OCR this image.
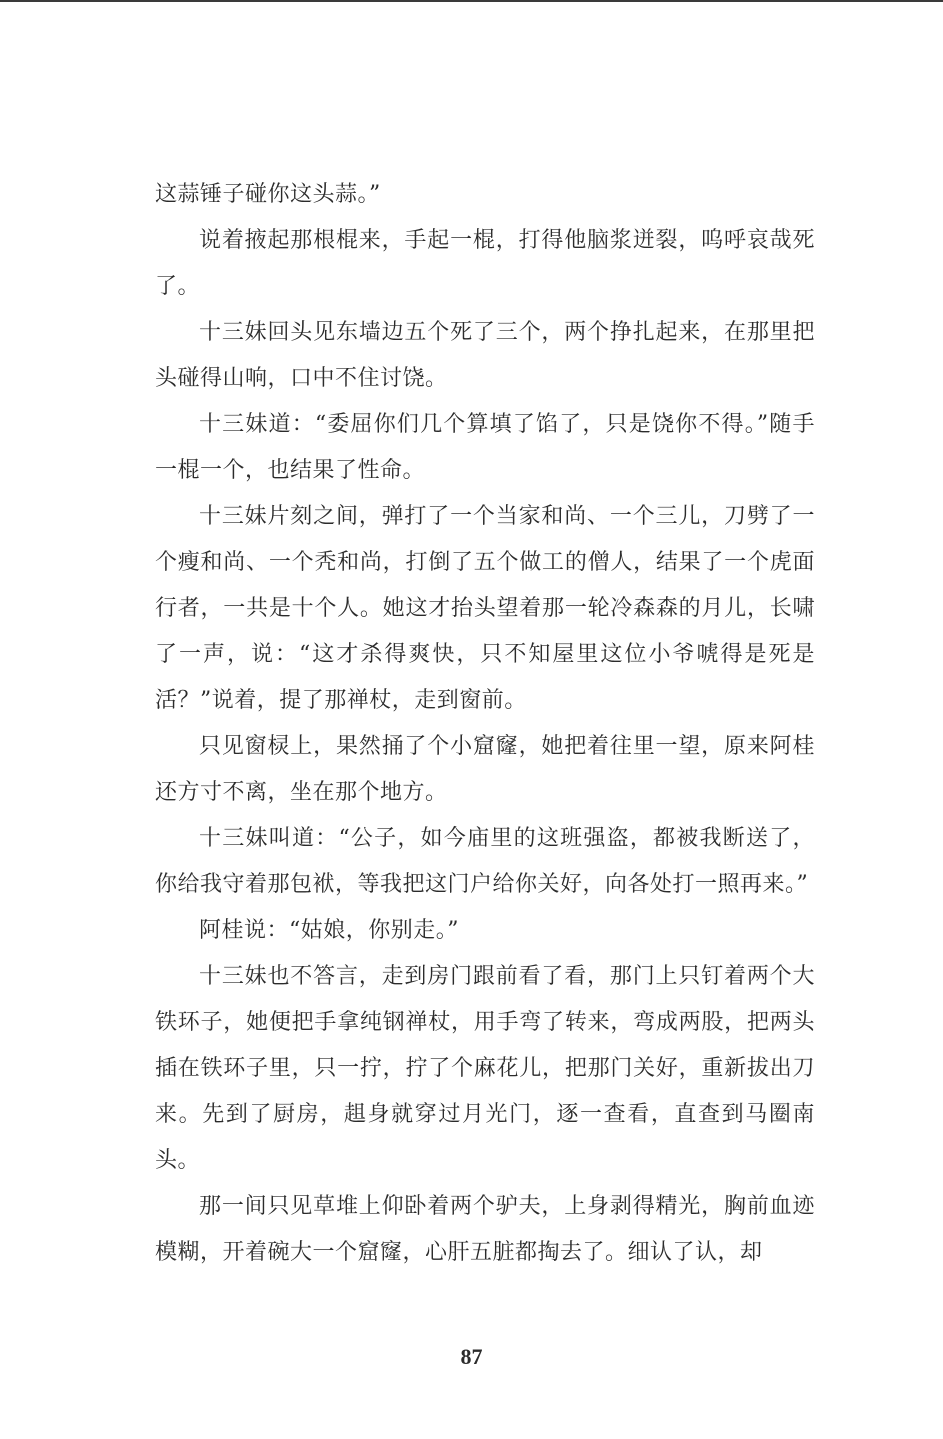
这蒜锤子碰你这头蒜。”

说着掖起那根棍来，手起一棍，打得他脑浆迸裂，呜呼哀哉死了。

十三妹回头见东墙边五个死了三个，两个挣扎起来，在那里把头碰得山响，口中不住讨饶。

十三妹道：“委屈你们几个算填了馅了，只是饶你不得。”随手一棍一个，也结果了性命。

十三妹片刻之间，弹打了一个当家和尚、一个三儿，刀劈了一个瘦和尚、一个秃和尚，打倒了五个做工的僧人，结果了一个虎面行者，一共是十个人。她这才抬头望着那一轮冷森森的月儿，长啸了一声，说：“这才杀得爽快，只不知屋里这位小爷唬得是死是活？”说着，提了那禅杖，走到窗前。

只见窗棂上，果然捅了个小窟窿，她把着往里一望，原来阿桂还方寸不离，坐在那个地方。

十三妹叫道：“公子，如今庙里的这班强盗，都被我断送了，你给我守着那包袱，等我把这门户给你关好，向各处打一照再来。”

阿桂说：“姑娘，你别走。”

十三妹也不答言，走到房门跟前看了看，那门上只钉着两个大铁环子，她便把手拿纯钢禅杖，用手弯了转来，弯成两股，把两头插在铁环子里，只一拧，拧了个麻花儿，把那门关好，重新拔出刀来。先到了厨房，趄身就穿过月光门，逐一查看，直查到马圈南头。

那一间只见草堆上仰卧着两个驴夫，上身剥得精光，胸前血迹模糊，开着碗大一个窟窿，心肝五脏都掏去了。细认了认，却

87
